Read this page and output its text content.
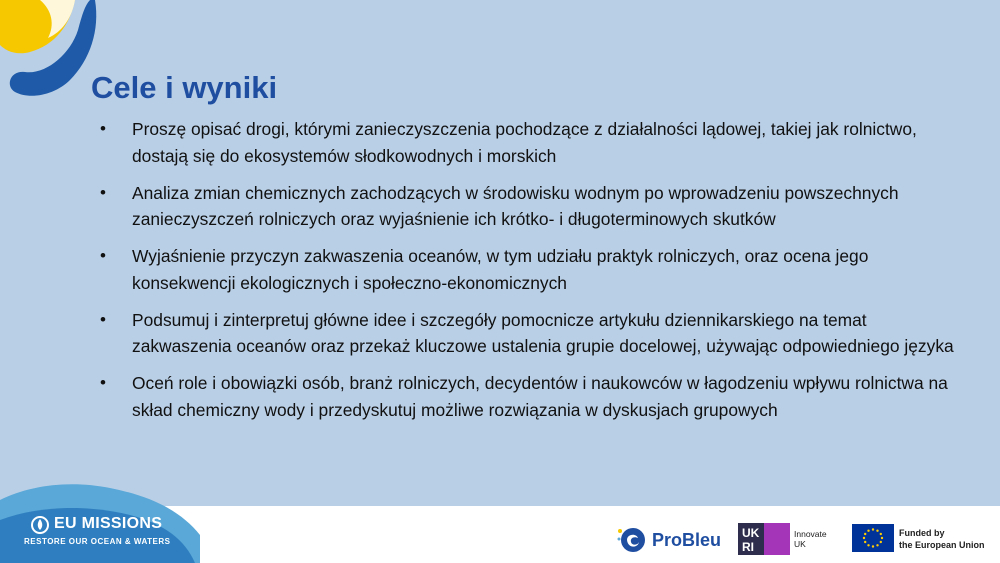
Cele i wyniki
•	Proszę opisać drogi, którymi zanieczyszczenia pochodzące z działalności lądowej, takiej jak rolnictwo, dostają się do ekosystemów słodkowodnych i morskich
•	Analiza zmian chemicznych zachodzących w środowisku wodnym po wprowadzeniu powszechnych zanieczyszczeń rolniczych oraz wyjaśnienie ich krótko- i długoterminowych skutków
•	Wyjaśnienie przyczyn zakwaszenia oceanów, w tym udziału praktyk rolniczych, oraz ocena jego konsekwencji ekologicznych i społeczno-ekonomicznych
•	Podsumuj i zinterpretuj główne idee i szczegóły pomocnicze artykułu dziennikarskiego na temat zakwaszenia oceanów oraz przekaż kluczowe ustalenia grupie docelowej, używając odpowiedniego języka
•	Oceń role i obowiązki osób, branż rolniczych, decydentów i naukowców w łagodzeniu wpływu rolnictwa na skład chemiczny wody i przedyskutuj możliwe rozwiązania w dyskusjach grupowych
EU MISSIONS
RESTORE OUR OCEAN & WATERS	ProBleu UK
RI
Innovate
UK
Funded by
the European Union
